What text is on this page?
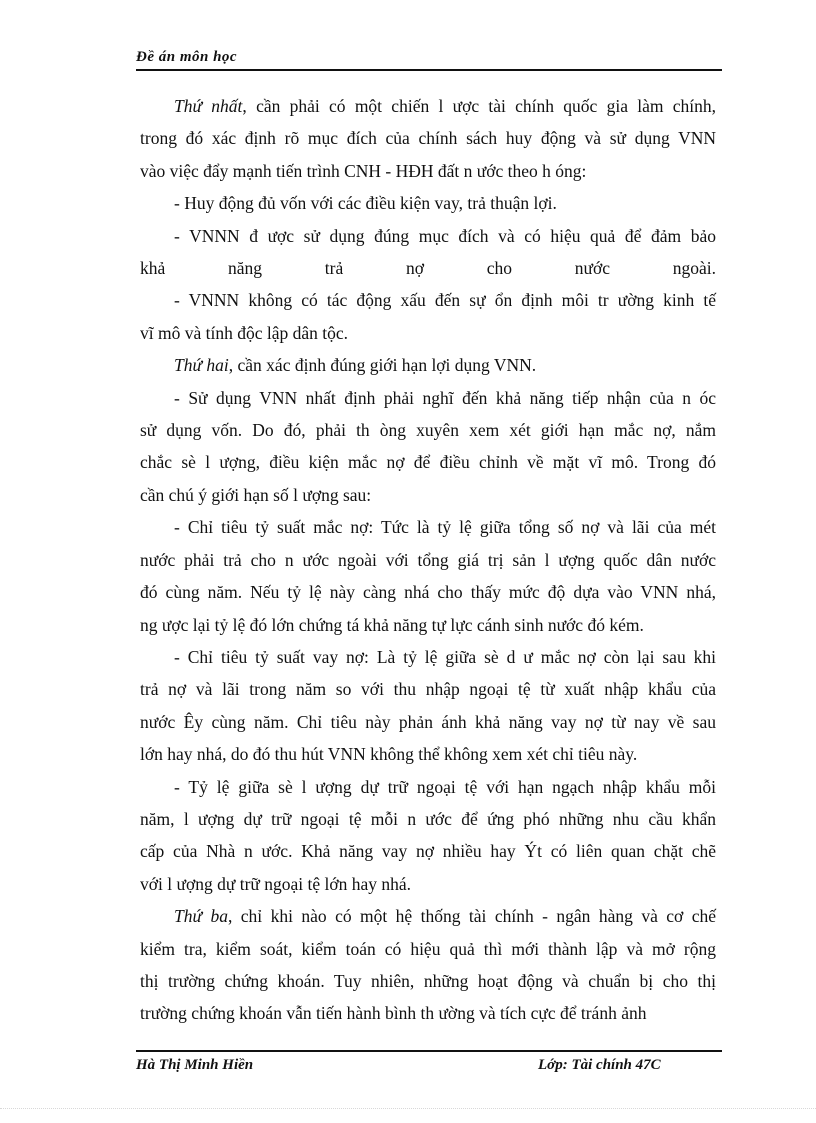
Đề án môn học
Thứ nhất, cần phải có một chiến l ược tài chính quốc gia làm chính,
trong đó xác định rõ mục đích của chính sách huy động và sử dụng VNN
vào việc đẩy mạnh tiến trình CNH - HĐH đất n ước theo h óng:
- Huy động đủ vốn với các điều kiện vay, trả thuận lợi.
- VNNN đ ược sử dụng đúng mục đích và có hiệu quả để đảm bảo
khả năng trả nợ cho nước ngoài.
- VNNN không có tác động xấu đến sự ổn định môi tr ường kinh tế
vĩ mô và tính độc lập dân tộc.
Thứ hai, cần xác định đúng giới hạn lợi dụng VNN.
- Sử dụng VNN nhất định phải nghĩ đến khả năng tiếp nhận của n óc
sử dụng vốn. Do đó, phải th òng xuyên xem xét giới hạn mắc nợ, nắm
chắc sè l ượng, điều kiện mắc nợ để điều chỉnh về mặt vĩ mô. Trong đó
cần chú ý giới hạn số l ượng sau:
- Chỉ tiêu tỷ suất mắc nợ: Tức là tỷ lệ giữa tổng số nợ và lãi của mét
nước phải trả cho n ước ngoài với tổng giá trị sản l ượng quốc dân nước
đó cùng năm. Nếu tỷ lệ này càng nhá cho thấy mức độ dựa vào VNN nhá,
ng ược lại tỷ lệ đó lớn chứng tá khả năng tự lực cánh sinh nước đó kém.
- Chỉ tiêu tỷ suất vay nợ: Là tỷ lệ giữa sè d ư mắc nợ còn lại sau khi
trả nợ và lãi trong năm so với thu nhập ngoại tệ từ xuất nhập khẩu của
nước Êy cùng năm. Chỉ tiêu này phản ánh khả năng vay nợ từ nay về sau
lớn hay nhá, do đó thu hút VNN không thể không xem xét chỉ tiêu này.
- Tỷ lệ giữa sè l ượng dự trữ ngoại tệ với hạn ngạch nhập khẩu mỗi
năm, l ượng dự trữ ngoại tệ mỗi n ước để ứng phó những nhu cầu khẩn
cấp của Nhà n ước. Khả năng vay nợ nhiều hay Ýt có liên quan chặt chẽ
với l ượng dự trữ ngoại tệ lớn hay nhá.
Thứ ba, chỉ khi nào có một hệ thống tài chính - ngân hàng và cơ chế
kiểm tra, kiểm soát, kiểm toán có hiệu quả thì mới thành lập và mở rộng
thị trường chứng khoán. Tuy nhiên, những hoạt động và chuẩn bị cho thị
trường chứng khoán vẫn tiến hành bình th ường và tích cực để tránh ảnh
Hà Thị Minh Hiền	Lớp: Tài chính 47C
